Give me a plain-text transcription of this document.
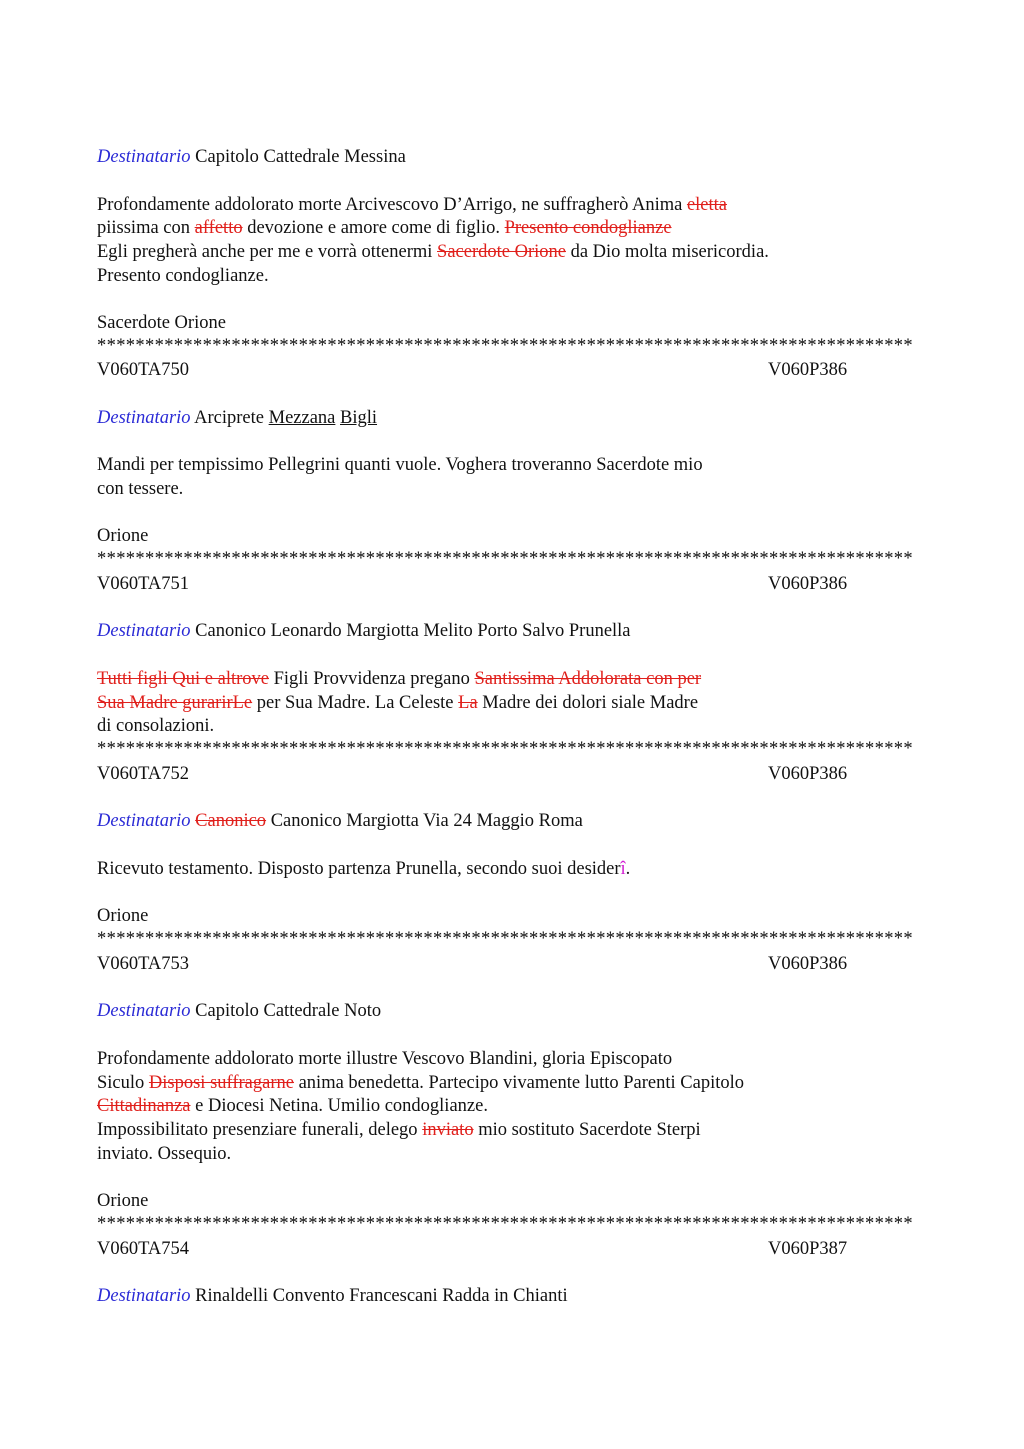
Destinatario Capitolo Cattedrale Messina
Profondamente addolorato morte Arcivescovo D’Arrigo, ne suffragherò Anima eletta
piissima con affetto devozione e amore come di figlio. Presento condoglianze
Egli pregherà anche per me e vorrà ottenermi Sacerdote Orione da Dio molta misericordia.
Presento condoglianze.
Sacerdote Orione
*************************************************************************************
V060TA750	V060P386
Destinatario Arciprete Mezzana Bigli
Mandi per tempissimo Pellegrini quanti vuole. Voghera troveranno Sacerdote mio
con tessere.
Orione
*************************************************************************************
V060TA751	V060P386
Destinatario Canonico Leonardo Margiotta Melito Porto Salvo Prunella
Tutti figli Qui e altrove Figli Provvidenza pregano Santissima Addolorata con per
Sua Madre gurarirLe per Sua Madre. La Celeste La Madre dei dolori siale Madre
di consolazioni.
*************************************************************************************
V060TA752	V060P386
Destinatario Canonico Canonico Margiotta Via 24 Maggio Roma
Ricevuto testamento. Disposto partenza Prunella, secondo suoi desiderî.
Orione
*************************************************************************************
V060TA753	V060P386
Destinatario Capitolo Cattedrale Noto
Profondamente addolorato morte illustre Vescovo Blandini, gloria Episcopato
Siculo Disposi suffragarne anima benedetta. Partecipo vivamente lutto Parenti Capitolo
Cittadinanza e Diocesi Netina. Umilio condoglianze.
Impossibilitato presenziare funerali, delego inviato mio sostituto Sacerdote Sterpi
inviato. Ossequio.
Orione
*************************************************************************************
V060TA754	V060P387
Destinatario Rinaldelli Convento Francescani Radda in Chianti
